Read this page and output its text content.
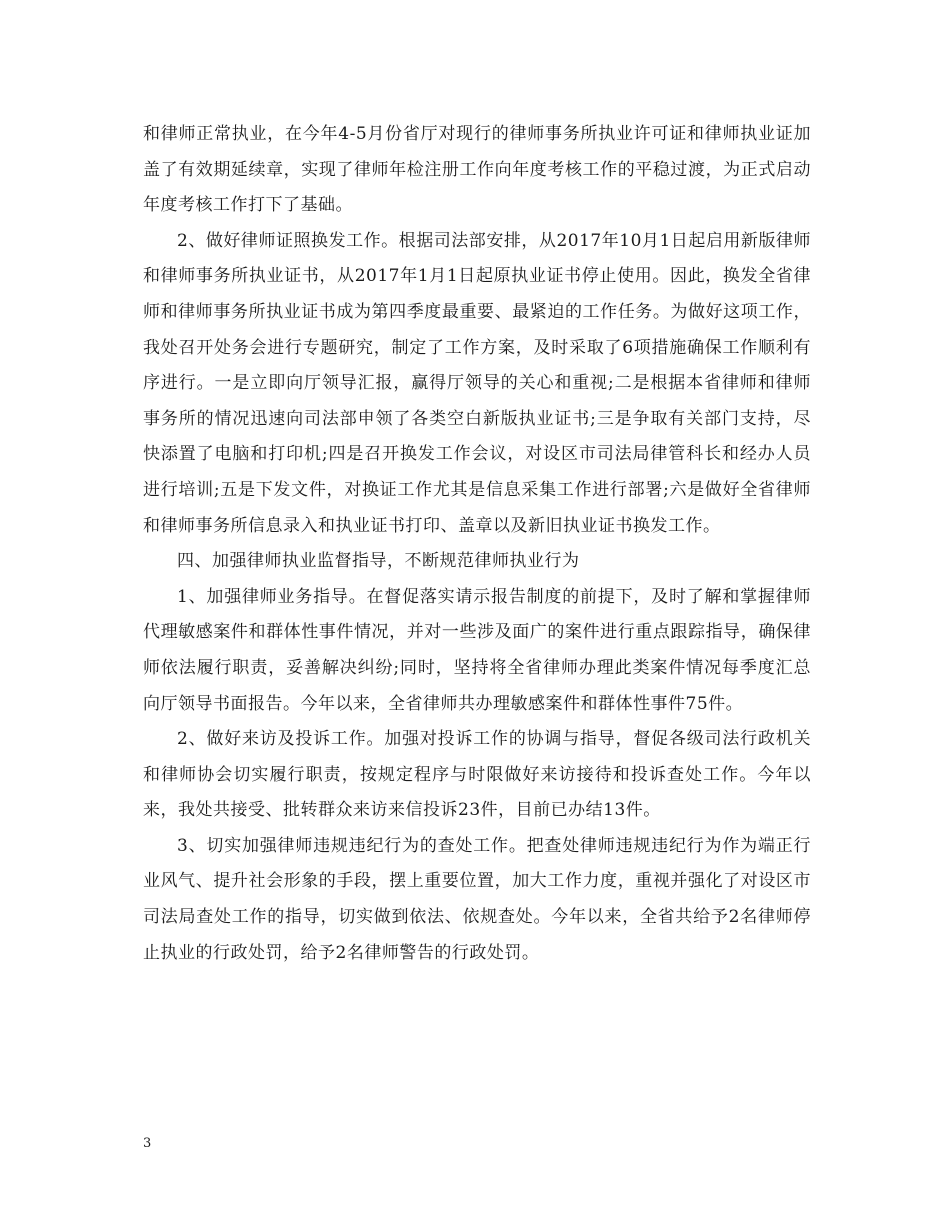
和律师正常执业，在今年4-5月份省厅对现行的律师事务所执业许可证和律师执业证加盖了有效期延续章，实现了律师年检注册工作向年度考核工作的平稳过渡，为正式启动年度考核工作打下了基础。

2、做好律师证照换发工作。根据司法部安排，从2017年10月1日起启用新版律师和律师事务所执业证书，从2017年1月1日起原执业证书停止使用。因此，换发全省律师和律师事务所执业证书成为第四季度最重要、最紧迫的工作任务。为做好这项工作，我处召开处务会进行专题研究，制定了工作方案，及时采取了6项措施确保工作顺利有序进行。一是立即向厅领导汇报，赢得厅领导的关心和重视;二是根据本省律师和律师事务所的情况迅速向司法部申领了各类空白新版执业证书;三是争取有关部门支持，尽快添置了电脑和打印机;四是召开换发工作会议，对设区市司法局律管科长和经办人员进行培训;五是下发文件，对换证工作尤其是信息采集工作进行部署;六是做好全省律师和律师事务所信息录入和执业证书打印、盖章以及新旧执业证书换发工作。

四、加强律师执业监督指导，不断规范律师执业行为

1、加强律师业务指导。在督促落实请示报告制度的前提下，及时了解和掌握律师代理敏感案件和群体性事件情况，并对一些涉及面广的案件进行重点跟踪指导，确保律师依法履行职责，妥善解决纠纷;同时，坚持将全省律师办理此类案件情况每季度汇总向厅领导书面报告。今年以来，全省律师共办理敏感案件和群体性事件75件。

2、做好来访及投诉工作。加强对投诉工作的协调与指导，督促各级司法行政机关和律师协会切实履行职责，按规定程序与时限做好来访接待和投诉查处工作。今年以来，我处共接受、批转群众来访来信投诉23件，目前已办结13件。

3、切实加强律师违规违纪行为的查处工作。把查处律师违规违纪行为作为端正行业风气、提升社会形象的手段，摆上重要位置，加大工作力度，重视并强化了对设区市司法局查处工作的指导，切实做到依法、依规查处。今年以来，全省共给予2名律师停止执业的行政处罚，给予2名律师警告的行政处罚。

3
